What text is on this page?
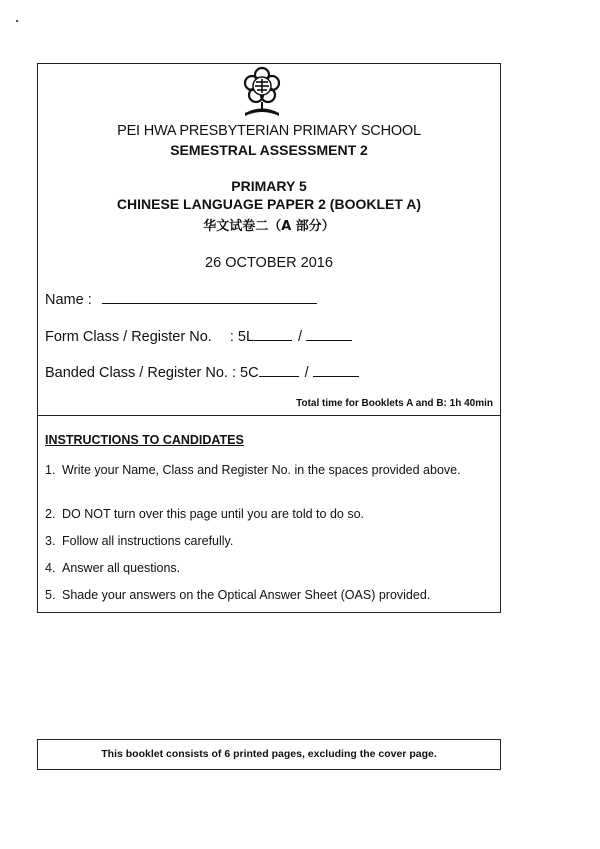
PEI HWA PRESBYTERIAN PRIMARY SCHOOL
SEMESTRAL ASSESSMENT 2
PRIMARY 5
CHINESE LANGUAGE PAPER 2 (BOOKLET A)
华文试卷二（A 部分）
26 OCTOBER 2016
Name :
Form Class / Register No. : 5L	/
Banded Class / Register No. : 5C	/
Total time for Booklets A and B: 1h 40min
INSTRUCTIONS TO CANDIDATES
1. Write your Name, Class and Register No. in the spaces provided above.
2. DO NOT turn over this page until you are told to do so.
3. Follow all instructions carefully.
4. Answer all questions.
5. Shade your answers on the Optical Answer Sheet (OAS) provided.
This booklet consists of 6 printed pages, excluding the cover page.
